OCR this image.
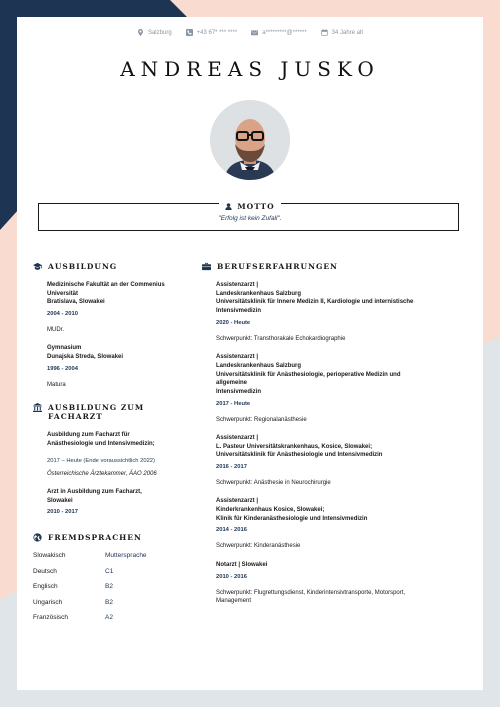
Salzburg	+43 67* *** ****	a*********@******	34 Jahre alt
ANDREAS JUSKO
MOTTO
"Erfolg ist kein Zufall".
AUSBILDUNG
Medizinische Fakultät an der Commenius
Universität
Bratislava, Slowakei
2004 - 2010
MUDr.
Gymnasium
Dunajska Streda, Slowakei
1996 - 2004
Matura
AUSBILDUNG ZUM
FACHARZT
Ausbildung zum Facharzt für
Anästhesiologie und Intensivmedizin;
2017 – Heute (Ende voraussichtlich 2022)
Österreichische Ärztekammer, ÄAO 2006
Arzt in Ausbildung zum Facharzt,
Slowakei
2010 - 2017
FREMDSPRACHEN
Slowakisch	Muttersprache
Deutsch	C1
Englisch	B2
Ungarisch	B2
Französisch	A2
BERUFSERFAHRUNGEN
Assistenzarzt |
Landeskrankenhaus Salzburg
Universitätsklinik für Innere Medizin II, Kardiologie und internistische
Intensivmedizin
2020 - Heute
Schwerpunkt: Transthorakale Echokardiographie
Assistenzarzt |
Landeskrankenhaus Salzburg
Universitätsklinik für Anästhesiologie, perioperative Medizin und allgemeine
Intensivmedizin
2017 - Heute
Schwerpunkt: Regionalanästhesie
Assistenzarzt |
L. Pasteur Universitätskrankenhaus, Kosice, Slowakei;
Universitätsklinik für Anästhesiologie und Intensivmedizin
2016 - 2017
Schwerpunkt: Anästhesie in Neurochirurgie
Assistenzarzt |
Kinderkrankenhaus Kosice, Slowakei;
Klinik für Kinderanästhesiologie und Intensivmedizin
2014 - 2016
Schwerpunkt: Kinderanästhesie
Notarzt | Slowakei
2010 - 2016
Schwerpunkt: Flugrettungsdienst, Kinderintensivtransporte, Motorsport, Management
